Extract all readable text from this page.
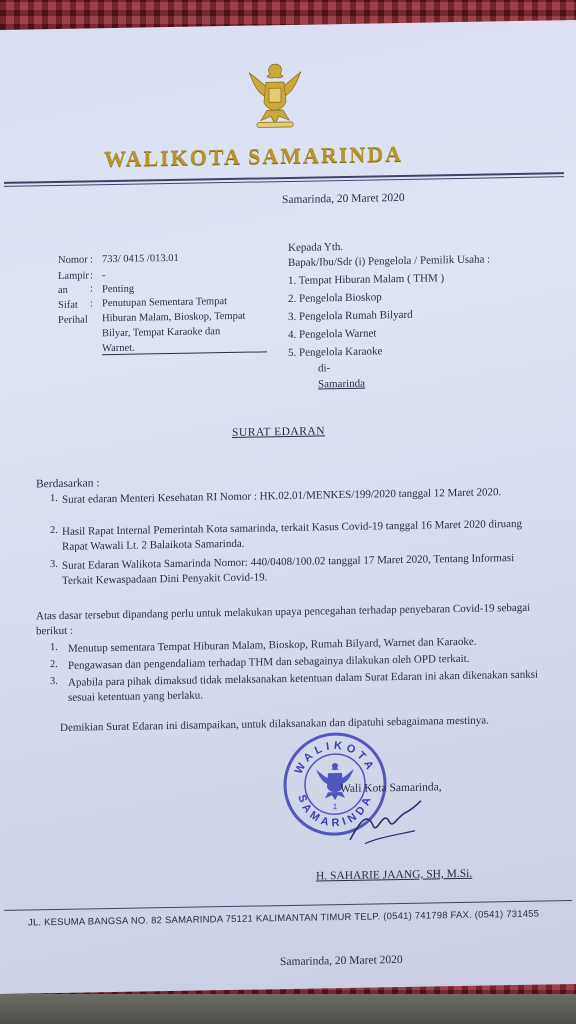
WALIKOTA SAMARINDA
Samarinda, 20 Maret 2020
Nomor : 733/ 0415 /013.01
Lampir : -
an
Sifat
: Penting
Perihal
: Penutupan Sementara Tempat
Hiburan Malam, Bioskop, Tempat
Bilyar, Tempat Karaoke dan
Warnet.
Kepada Yth.
Bapak/Ibu/Sdr (i) Pengelola / Pemilik Usaha :
1. Tempat Hiburan Malam ( THM )
2. Pengelola Bioskop
3. Pengelola Rumah Bilyard
4. Pengelola Warnet
5. Pengelola Karaoke
di-
Samarinda
SURAT EDARAN
Berdasarkan :
1. Surat edaran Menteri Kesehatan RI Nomor : HK.02.01/MENKES/199/2020 tanggal 12 Maret 2020.
2. Hasil Rapat Internal Pemerintah Kota samarinda, terkait Kasus Covid-19 tanggal 16 Maret 2020 diruang Rapat Wawali Lt. 2 Balaikota Samarinda.
3. Surat Edaran Walikota Samarinda Nomor: 440/0408/100.02 tanggal 17 Maret 2020, Tentang Informasi Terkait Kewaspadaan Dini Penyakit Covid-19.
Atas dasar tersebut dipandang perlu untuk melakukan upaya pencegahan terhadap penyebaran Covid-19 sebagai berikut :
1. Menutup sementara Tempat Hiburan Malam, Bioskop, Rumah Bilyard, Warnet dan Karaoke.
2. Pengawasan dan pengendaliam terhadap THM dan sebagainya dilakukan oleh OPD terkait.
3. Apabila para pihak dimaksud tidak melaksanakan ketentuan dalam Surat Edaran ini akan dikenakan sanksi sesuai ketentuan yang berlaku.
Demikian Surat Edaran ini disampaikan, untuk dilaksanakan dan dipatuhi sebagaimana mestinya.
WALIKOTA
SAMARINDA
1
Wali Kota Samarinda,
H. SAHARIE JAANG, SH, M.Si.
JL. KESUMA BANGSA NO. 82 SAMARINDA 75121 KALIMANTAN TIMUR TELP. (0541) 741798 FAX. (0541) 731455
Samarinda, 20 Maret 2020
